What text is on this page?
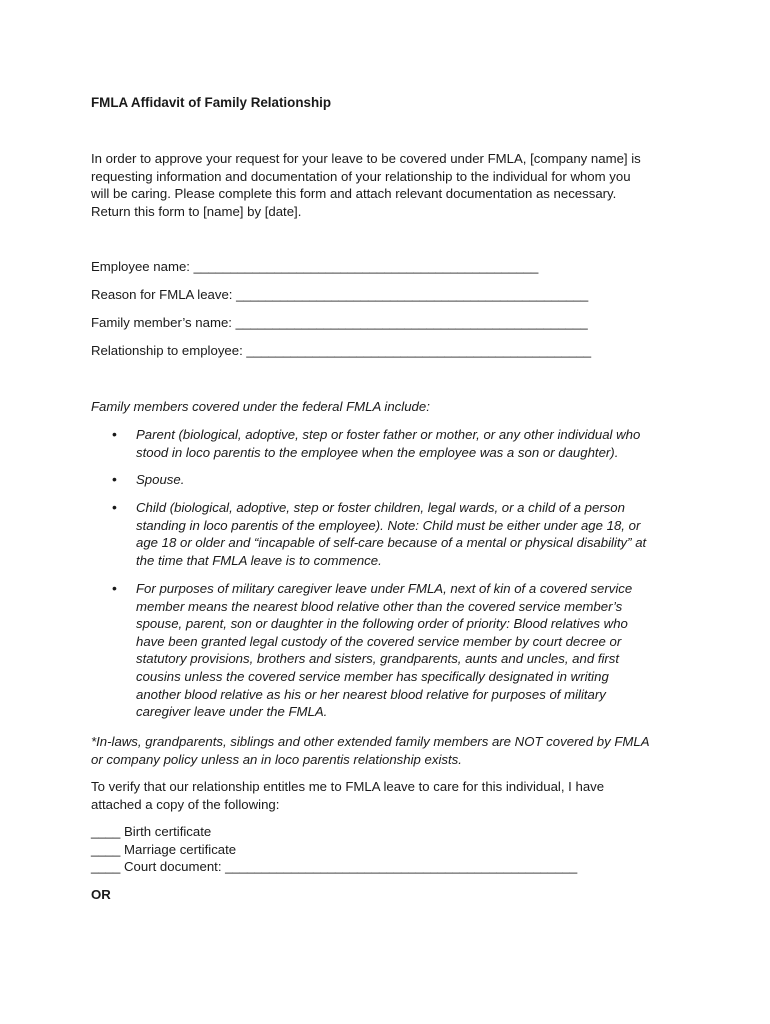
FMLA Affidavit of Family Relationship
In order to approve your request for your leave to be covered under FMLA, [company name] is
requesting information and documentation of your relationship to the individual for whom you
will be caring. Please complete this form and attach relevant documentation as necessary.
Return this form to [name] by [date].
Employee name: _______________________________________________
Reason for FMLA leave: ________________________________________________
Family member’s name: ________________________________________________
Relationship to employee: _______________________________________________
Family members covered under the federal FMLA include:
• Parent (biological, adoptive, step or foster father or mother, or any other individual who
stood in loco parentis to the employee when the employee was a son or daughter).
• Spouse.
• Child (biological, adoptive, step or foster children, legal wards, or a child of a person
standing in loco parentis of the employee). Note: Child must be either under age 18, or
age 18 or older and “incapable of self-care because of a mental or physical disability” at
the time that FMLA leave is to commence.
• For purposes of military caregiver leave under FMLA, next of kin of a covered service
member means the nearest blood relative other than the covered service member’s
spouse, parent, son or daughter in the following order of priority: Blood relatives who
have been granted legal custody of the covered service member by court decree or
statutory provisions, brothers and sisters, grandparents, aunts and uncles, and first
cousins unless the covered service member has specifically designated in writing
another blood relative as his or her nearest blood relative for purposes of military
caregiver leave under the FMLA.
*In-laws, grandparents, siblings and other extended family members are NOT covered by FMLA
or company policy unless an in loco parentis relationship exists.
To verify that our relationship entitles me to FMLA leave to care for this individual, I have
attached a copy of the following:
____ Birth certificate
____ Marriage certificate
____ Court document: ________________________________________________
OR
